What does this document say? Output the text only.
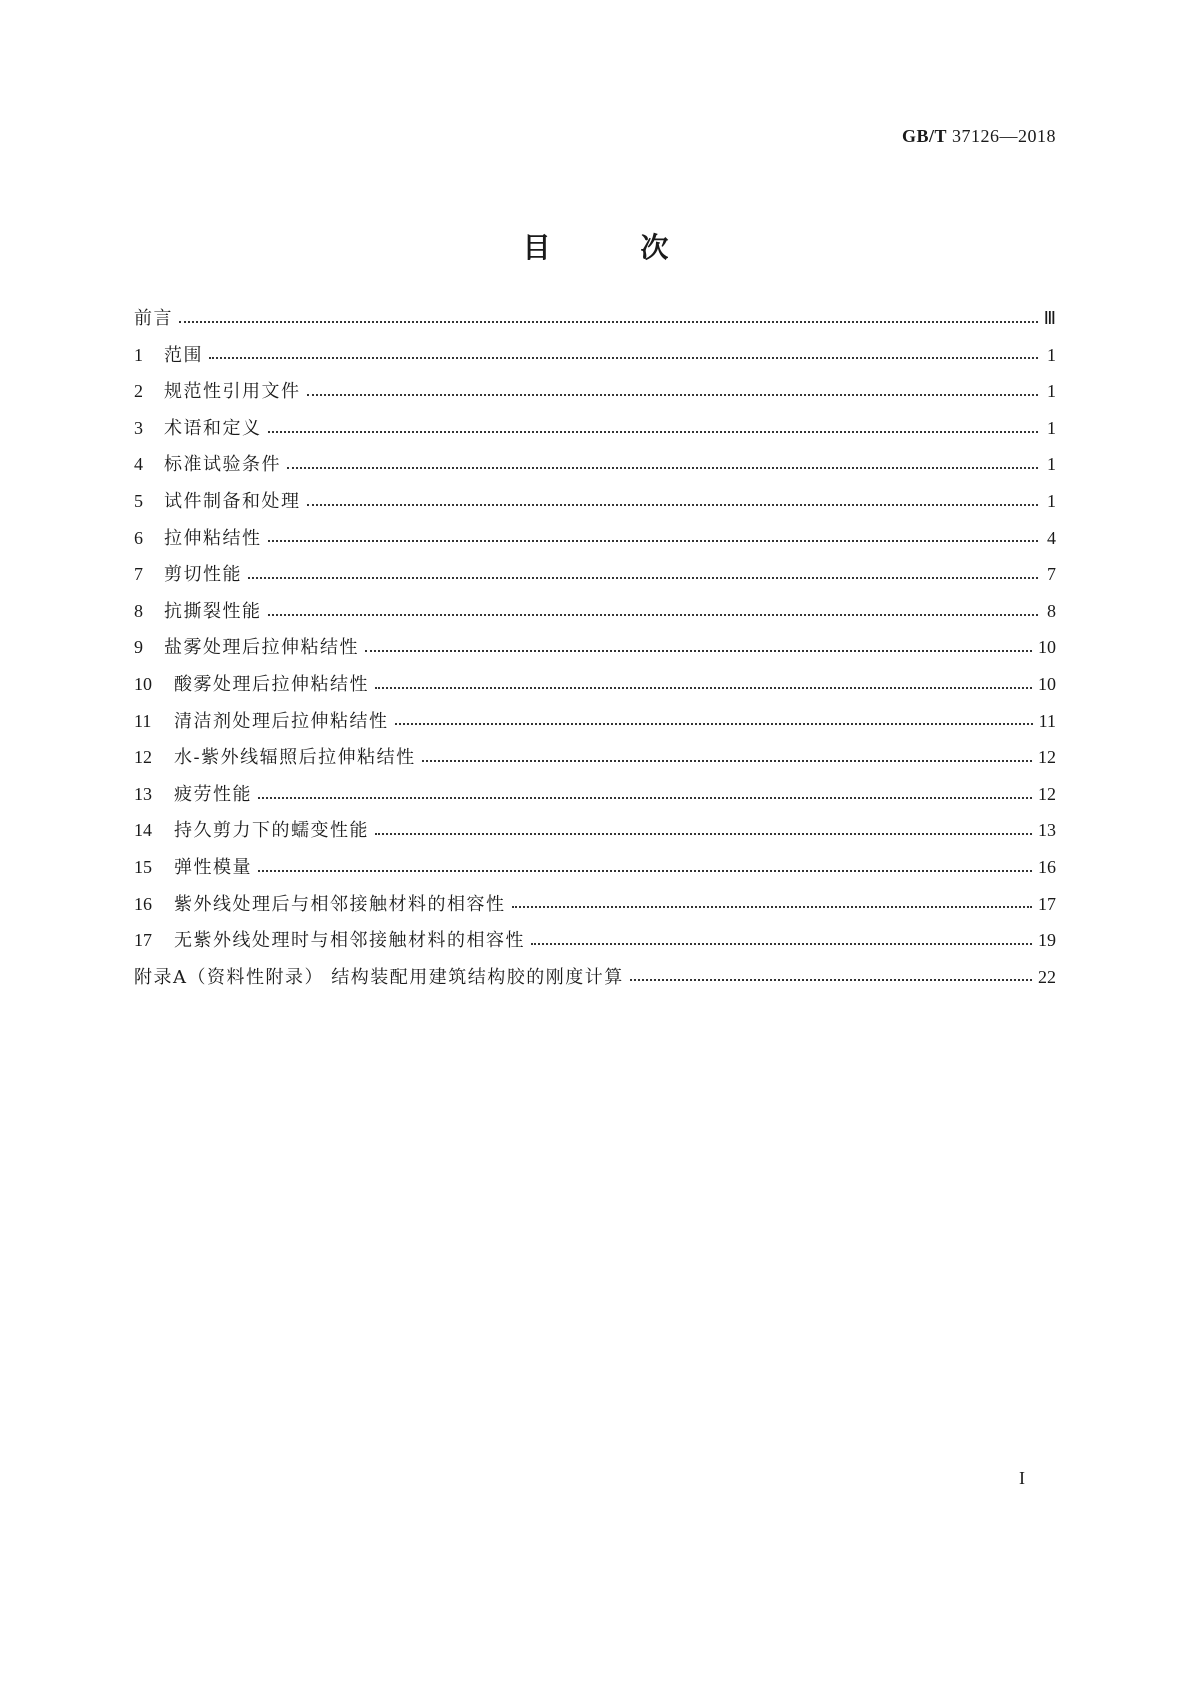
GB/T 37126—2018
目 次
前言	Ⅲ
1	范围	1
2	规范性引用文件	1
3	术语和定义	1
4	标准试验条件	1
5	试件制备和处理	1
6	拉伸粘结性	4
7	剪切性能	7
8	抗撕裂性能	8
9	盐雾处理后拉伸粘结性	10
10	酸雾处理后拉伸粘结性	10
11	清洁剂处理后拉伸粘结性	11
12	水-紫外线辐照后拉伸粘结性	12
13	疲劳性能	12
14	持久剪力下的蠕变性能	13
15	弹性模量	16
16	紫外线处理后与相邻接触材料的相容性	17
17	无紫外线处理时与相邻接触材料的相容性	19
附录A（资料性附录） 结构装配用建筑结构胶的刚度计算	22
I
